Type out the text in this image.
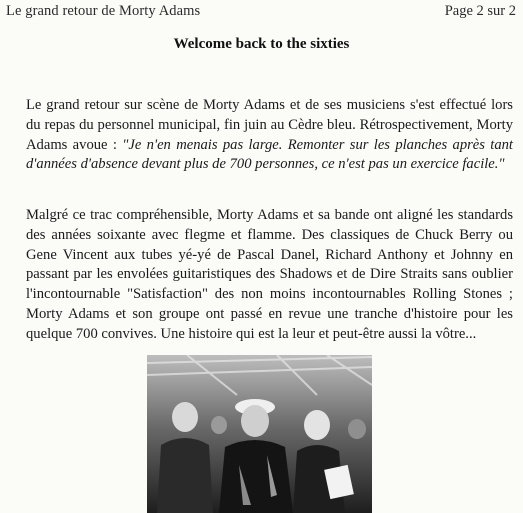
Le grand retour de Morty Adams	Page 2 sur 2
Welcome back to the sixties
Le grand retour sur scène de Morty Adams et de ses musiciens s'est effectué lors du repas du personnel municipal, fin juin au Cèdre bleu. Rétrospectivement, Morty Adams avoue : "Je n'en menais pas large. Remonter sur les planches après tant d'années d'absence devant plus de 700 personnes, ce n'est pas un exercice facile."
Malgré ce trac compréhensible, Morty Adams et sa bande ont aligné les standards des années soixante avec flegme et flamme. Des classiques de Chuck Berry ou Gene Vincent aux tubes yé-yé de Pascal Danel, Richard Anthony et Johnny en passant par les envolées guitaristiques des Shadows et de Dire Straits sans oublier l'incontournable "Satisfaction" des non moins incontournables Rolling Stones ; Morty Adams et son groupe ont passé en revue une tranche d'histoire pour les quelque 700 convives. Une histoire qui est la leur et peut-être aussi la vôtre...
